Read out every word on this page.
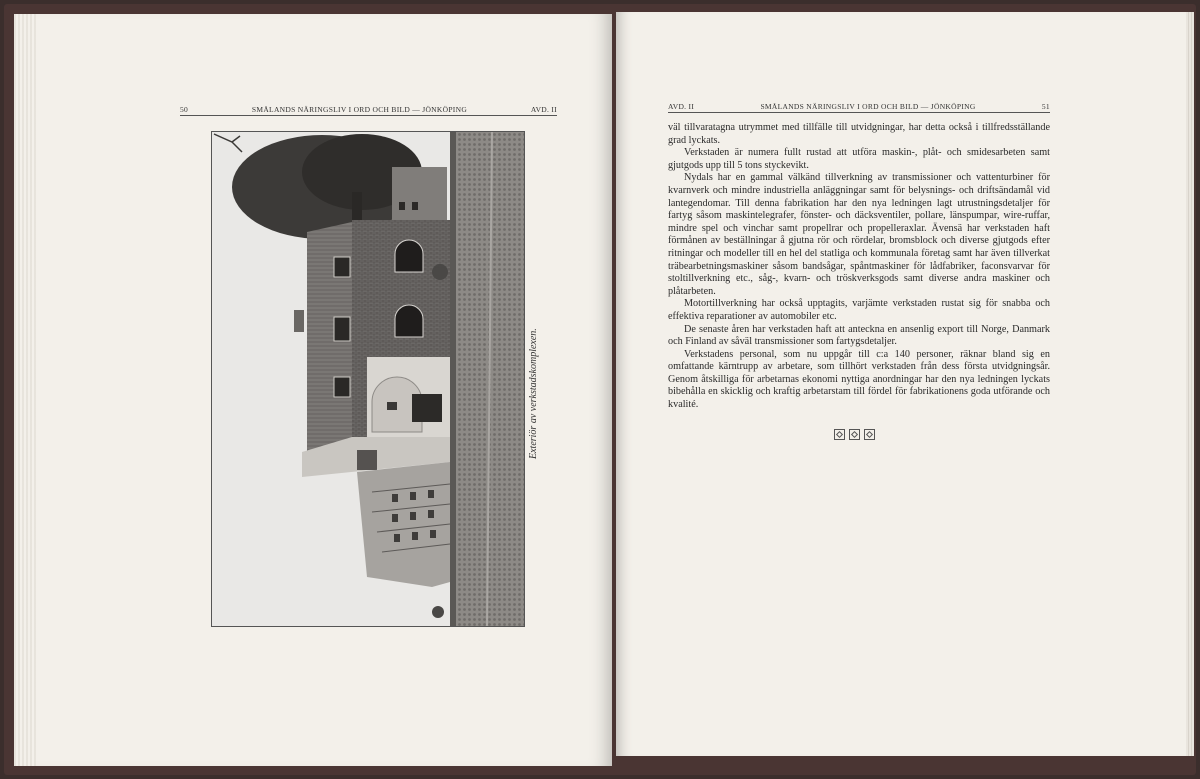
50	SMÅLANDS NÄRINGSLIV I ORD OCH BILD — JÖNKÖPING	AVD. II
Exteriör av verkstadskomplexen.
AVD. II	SMÅLANDS NÄRINGSLIV I ORD OCH BILD — JÖNKÖPING	51

väl tillvaratagna utrymmet med tillfälle till utvidgningar, har detta också i tillfredsställande grad lyckats.

Verkstaden är numera fullt rustad att utföra maskin-, plåt- och smidesarbeten samt gjutgods upp till 5 tons styckevikt.

Nydals har en gammal välkänd tillverkning av transmissioner och vattenturbiner för kvarnverk och mindre industriella anläggningar samt för belysnings- och driftsändamål vid lantegendomar. Till denna fabrikation har den nya ledningen lagt utrustningsdetaljer för fartyg såsom maskintelegrafer, fönster- och däcksventiler, pollare, länspumpar, wire-ruffar, mindre spel och vinchar samt propellrar och propelleraxlar. Ävensä har verkstaden haft förmånen av beställningar å gjutna rör och rördelar, bromsblock och diverse gjutgods efter ritningar och modeller till en hel del statliga och kommunala företag samt har även tillverkat träbearbetningsmaskiner såsom bandsågar, spåntmaskiner för lådfabriker, faconsvarvar för stoltillverkning etc., såg-, kvarn- och tröskverksgods samt diverse andra maskiner och plåtarbeten.

Motortillverkning har också upptagits, varjämte verkstaden rustat sig för snabba och effektiva reparationer av automobiler etc.

De senaste åren har verkstaden haft att anteckna en ansenlig export till Norge, Danmark och Finland av såväl transmissioner som fartygsdetaljer.

Verkstadens personal, som nu uppgår till c:a 140 personer, räknar bland sig en omfattande kärntrupp av arbetare, som tillhört verkstaden från dess första utvidgningsår. Genom åtskilliga för arbetarnas ekonomi nyttiga anordningar har den nya ledningen lyckats bibehålla en skicklig och kraftig arbetarstam till fördel för fabrikationens goda utförande och kvalité.
